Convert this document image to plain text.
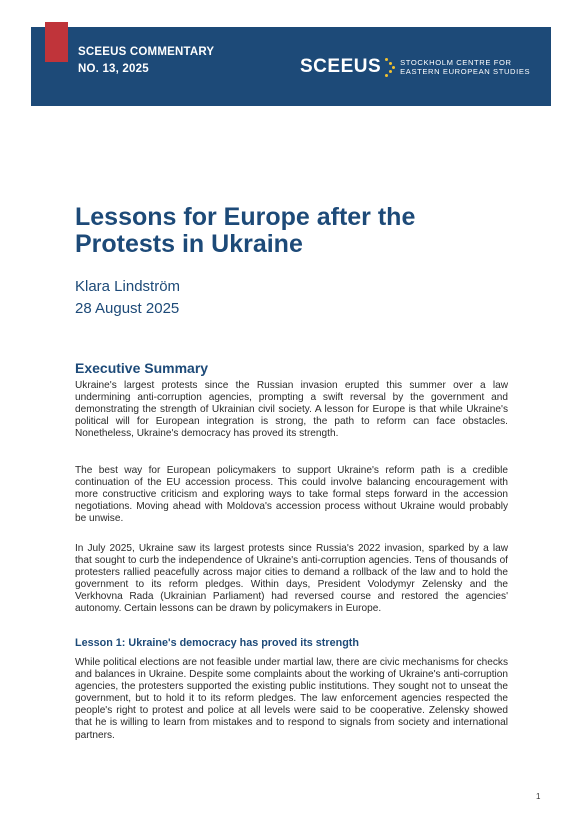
SCEEUS COMMENTARY
NO. 13, 2025	SCEEUS	STOCKHOLM CENTRE FOR
EASTERN EUROPEAN STUDIES
Lessons for Europe after the Protests in Ukraine
Klara Lindström
28 August 2025
Executive Summary

Ukraine's largest protests since the Russian invasion erupted this summer over a law undermining anti-corruption agencies, prompting a swift reversal by the government and demonstrating the strength of Ukrainian civil society. A lesson for Europe is that while Ukraine's political will for European integration is strong, the path to reform can face obstacles. Nonetheless, Ukraine's democracy has proved its strength.

The best way for European policymakers to support Ukraine's reform path is a credible continuation of the EU accession process. This could involve balancing encouragement with more constructive criticism and exploring ways to take formal steps forward in the accession negotiations. Moving ahead with Moldova's accession process without Ukraine would probably be unwise.

In July 2025, Ukraine saw its largest protests since Russia's 2022 invasion, sparked by a law that sought to curb the independence of Ukraine's anti-corruption agencies. Tens of thousands of protesters rallied peacefully across major cities to demand a rollback of the law and to hold the government to its reform pledges. Within days, President Volodymyr Zelensky and the Verkhovna Rada (Ukrainian Parliament) had reversed course and restored the agencies' autonomy. Certain lessons can be drawn by policymakers in Europe.

Lesson 1: Ukraine's democracy has proved its strength

While political elections are not feasible under martial law, there are civic mechanisms for checks and balances in Ukraine. Despite some complaints about the working of Ukraine's anti-corruption agencies, the protesters supported the existing public institutions. They sought not to unseat the government, but to hold it to its reform pledges. The law enforcement agencies respected the people's right to protest and police at all levels were said to be cooperative. Zelensky showed that he is willing to learn from mistakes and to respond to signals from society and international partners.

1
